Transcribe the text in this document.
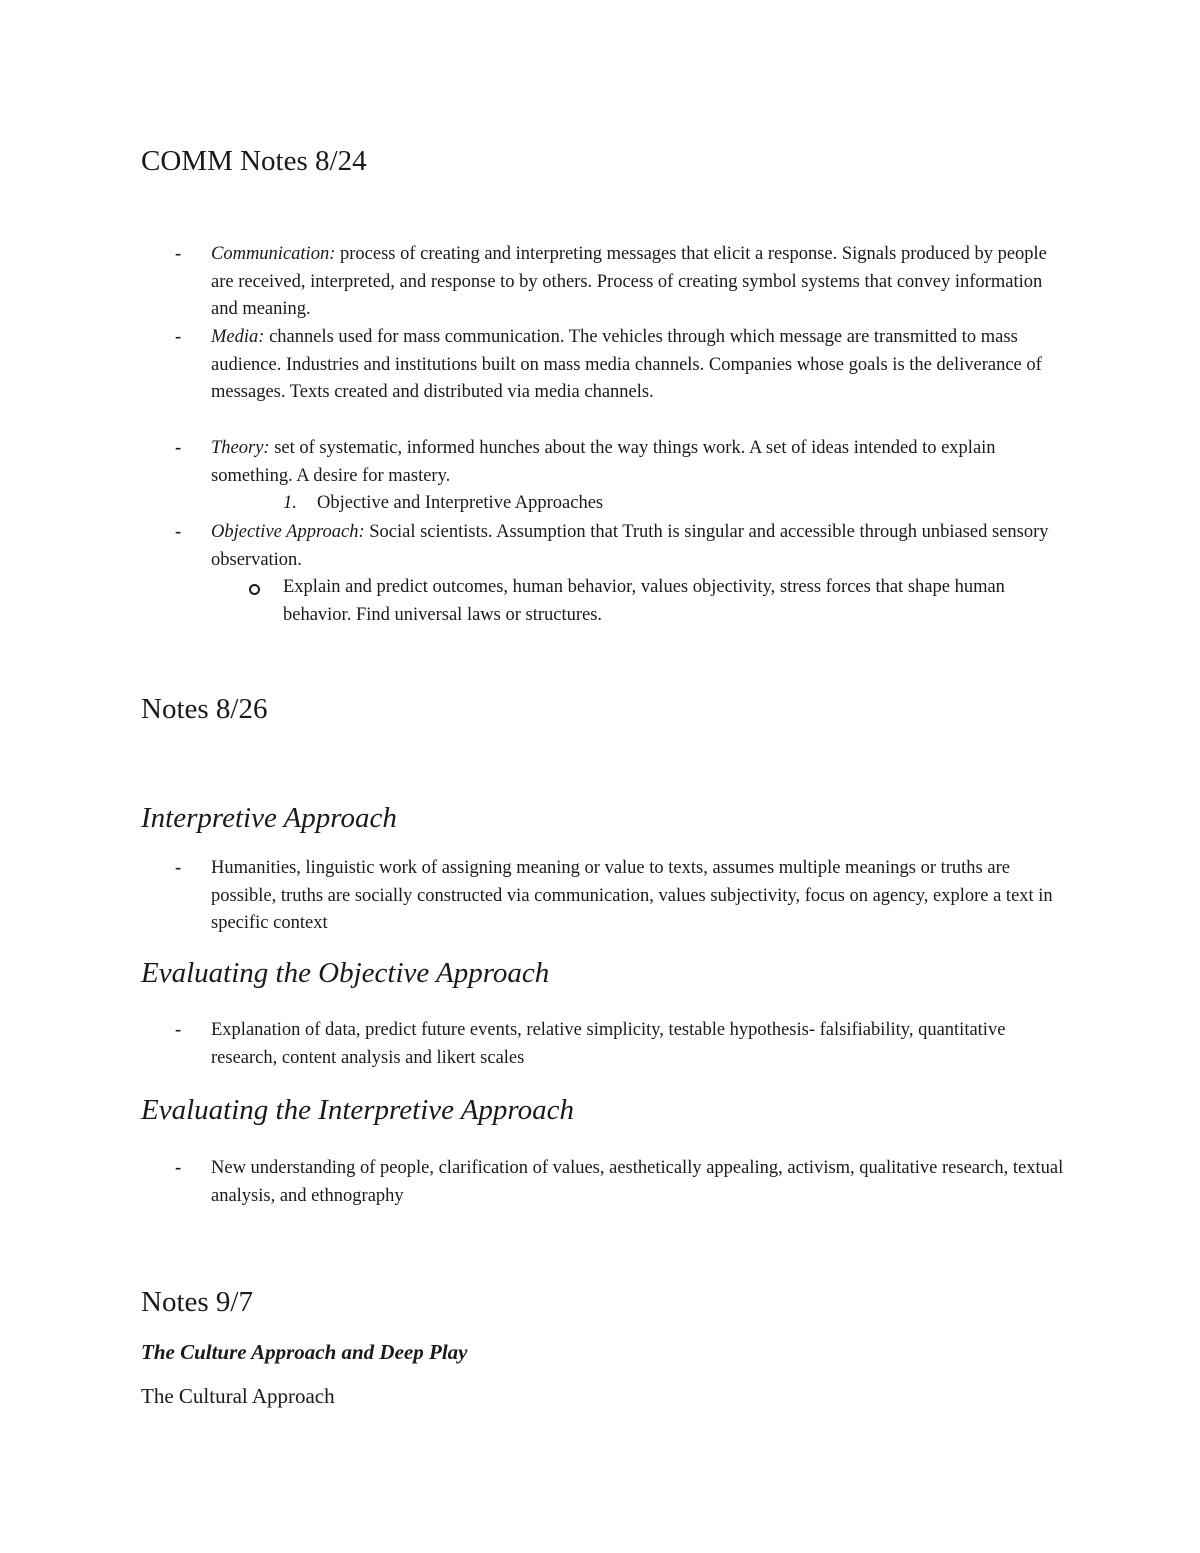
COMM Notes 8/24
- Communication: process of creating and interpreting messages that elicit a response. Signals produced by people are received, interpreted, and response to by others. Process of creating symbol systems that convey information and meaning.

- Media: channels used for mass communication. The vehicles through which message are transmitted to mass audience. Industries and institutions built on mass media channels. Companies whose goals is the deliverance of messages. Texts created and distributed via media channels.

- Theory: set of systematic, informed hunches about the way things work. A set of ideas intended to explain something. A desire for mastery.

1. Objective and Interpretive Approaches
- Objective Approach: Social scientists. Assumption that Truth is singular and accessible through unbiased sensory observation.

Explain and predict outcomes, human behavior, values objectivity, stress forces that shape human behavior. Find universal laws or structures.

Notes 8/26
Interpretive Approach
- Humanities, linguistic work of assigning meaning or value to texts, assumes multiple meanings or truths are possible, truths are socially constructed via communication, values subjectivity, focus on agency, explore a text in specific context

Evaluating the Objective Approach
- Explanation of data, predict future events, relative simplicity, testable hypothesis- falsifiability, quantitative research, content analysis and likert scales

Evaluating the Interpretive Approach
- New understanding of people, clarification of values, aesthetically appealing, activism, qualitative research, textual analysis, and ethnography

Notes 9/7
The Culture Approach and Deep Play
The Cultural Approach
